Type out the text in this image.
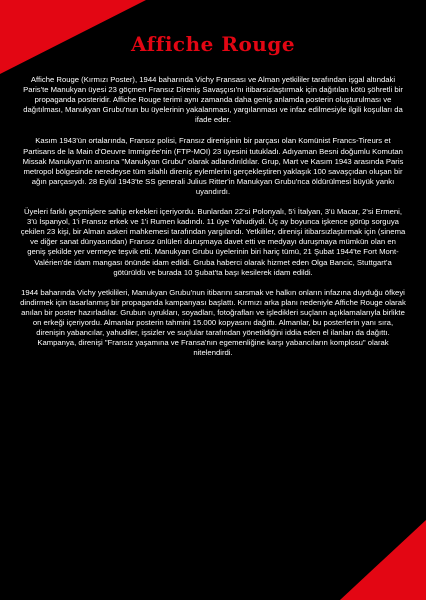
Affiche Rouge

Affiche Rouge (Kırmızı Poster), 1944 baharında Vichy Fransası ve Alman yetkililer tarafından işgal altındaki Paris'te Manukyan üyesi 23 göçmen Fransız Direniş Savaşçısı'nı itibarsızlaştırmak için dağıtılan kötü şöhretli bir propaganda posteridir. Affiche Rouge terimi aynı zamanda daha geniş anlamda posterin oluşturulması ve dağıtılması, Manukyan Grubu'nun bu üyelerinin yakalanması, yargılanması ve infaz edilmesiyle ilgili koşulları da ifade eder.

Kasım 1943'ün ortalarında, Fransız polisi, Fransız direnişinin bir parçası olan Komünist Francs-Tireurs et Partisans de la Main d'Oeuvre Immigrée'nin (FTP-MOI) 23 üyesini tutukladı. Adıyaman Besni doğumlu Komutan Missak Manukyan'ın anısına "Manukyan Grubu" olarak adlandırıldılar. Grup, Mart ve Kasım 1943 arasında Paris metropol bölgesinde neredeyse tüm silahlı direniş eylemlerini gerçekleştiren yaklaşık 100 savaşçıdan oluşan bir ağın parçasıydı. 28 Eylül 1943'te SS generali Julius Ritter'in Manukyan Grubu'nca öldürülmesi büyük yankı uyandırdı.

Üyeleri farklı geçmişlere sahip erkekleri içeriyordu. Bunlardan 22'si Polonyalı, 5'i İtalyan, 3'ü Macar, 2'si Ermeni, 3'ü İspanyol, 1'i Fransız erkek ve 1'i Rumen kadındı. 11 üye Yahudiydi. Üç ay boyunca işkence görüp sorguya çekilen 23 kişi, bir Alman askeri mahkemesi tarafından yargılandı. Yetkililer, direnişi itibarsızlaştırmak için (sinema ve diğer sanat dünyasından) Fransız ünlüleri duruşmaya davet etti ve medyayı duruşmaya mümkün olan en geniş şekilde yer vermeye teşvik etti. Manukyan Grubu üyelerinin biri hariç tümü, 21 Şubat 1944'te Fort Mont-Valérien'de idam mangası önünde idam edildi. Gruba haberci olarak hizmet eden Olga Bancic, Stuttgart'a götürüldü ve burada 10 Şubat'ta başı kesilerek idam edildi.

1944 baharında Vichy yetkilileri, Manukyan Grubu'nun itibarını sarsmak ve halkın onların infazına duyduğu öfkeyi dindirmek için tasarlanmış bir propaganda kampanyası başlattı. Kırmızı arka planı nedeniyle Affiche Rouge olarak anılan bir poster hazırladılar. Grubun uyrukları, soyadları, fotoğrafları ve işledikleri suçların açıklamalarıyla birlikte on erkeği içeriyordu. Almanlar posterin tahmini 15.000 kopyasını dağıttı. Almanlar, bu posterlerin yanı sıra, direnişin yabancılar, yahudiler, işsizler ve suçlular tarafından yönetildiğini iddia eden el ilanları da dağıttı. Kampanya, direnişi "Fransız yaşamına ve Fransa'nın egemenliğine karşı yabancıların komplosu" olarak nitelendirdi.
